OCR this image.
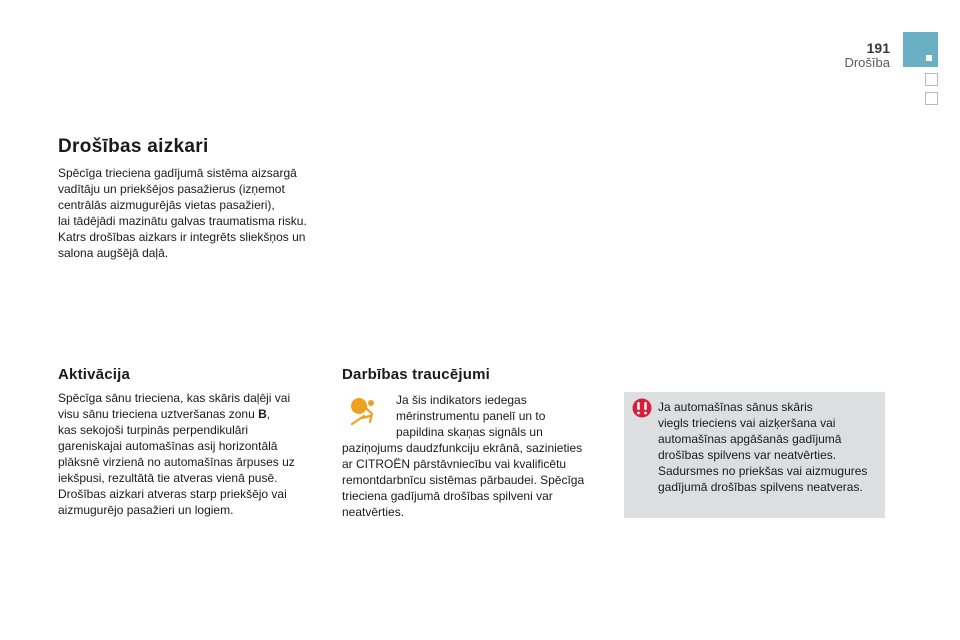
191
Drošība
Drošības aizkari
Spēcīga trieciena gadījumā sistēma aizsargā
vadītāju un priekšējos pasažierus (izņemot
centrālās aizmugurējās vietas pasažieri),
lai tādējādi mazinātu galvas traumatisma risku.
Katrs drošības aizkars ir integrēts sliekšņos un
salona augšējā daļā.
Aktivācija
Spēcīga sānu trieciena, kas skāris daļēji vai
visu sānu trieciena uztveršanas zonu B,
kas sekojoši turpinās perpendikulāri
gareniskajai automašīnas asij horizontālā
plāksnē virzienā no automašīnas ārpuses uz
iekšpusi, rezultātā tie atveras vienā pusē.
Drošības aizkari atveras starp priekšējo vai
aizmugurējo pasažieri un logiem.
Darbības traucējumi
Ja šis indikators iedegas
mērinstrumentu panelī un to
papildina skaņas signāls un
paziņojums daudzfunkciju ekrānā, sazinieties
ar CITROËN pārstāvniecību vai kvalificētu
remontdarbnīcu sistēmas pārbaudei. Spēcīga
trieciena gadījumā drošības spilveni var
neatvērties.
Ja automašīnas sānus skāris
viegls trieciens vai aizķeršana vai
automašīnas apgāšanās gadījumā
drošības spilvens var neatvērties.
Sadursmes no priekšas vai aizmugures
gadījumā drošības spilvens neatveras.
